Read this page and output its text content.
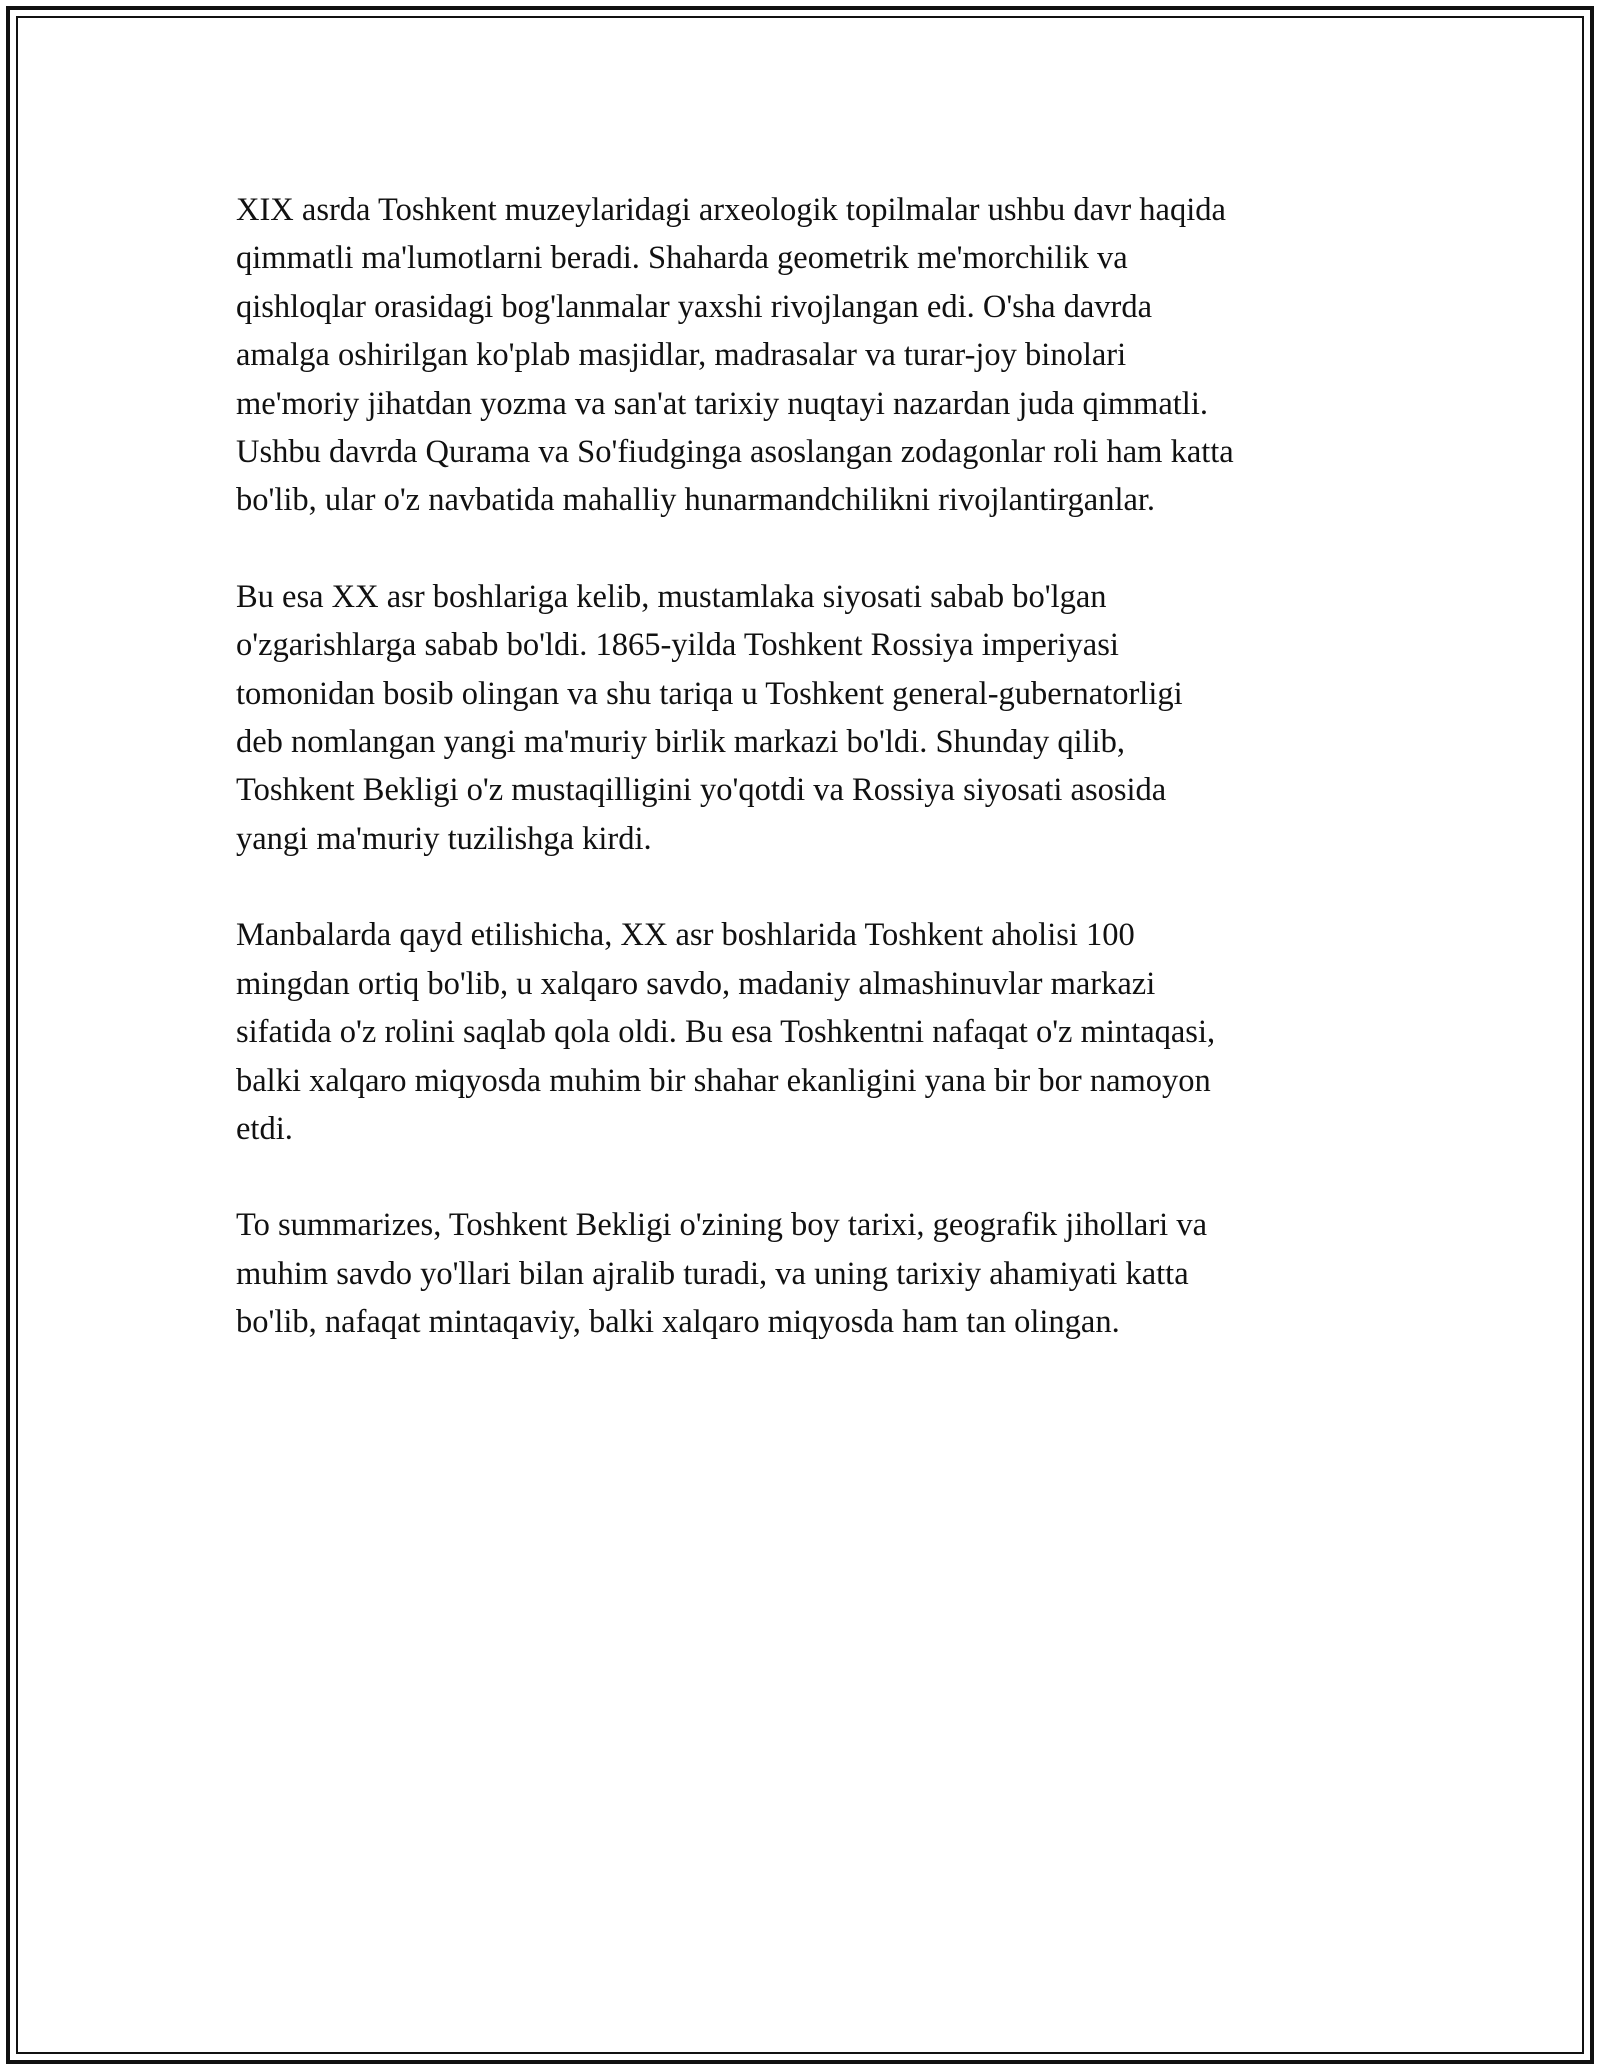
XIX asrda Toshkent muzeylaridagi arxeologik topilmalar ushbu davr haqida
qimmatli ma'lumotlarni beradi. Shaharda geometrik me'morchilik va
qishloqlar orasidagi bog'lanmalar yaxshi rivojlangan edi. O'sha davrda
amalga oshirilgan ko'plab masjidlar, madrasalar va turar-joy binolari
me'moriy jihatdan yozma va san'at tarixiy nuqtayi nazardan juda qimmatli.
Ushbu davrda Qurama va So'fiudginga asoslangan zodagonlar roli ham katta
bo'lib, ular o'z navbatida mahalliy hunarmandchilikni rivojlantirganlar.

Bu esa XX asr boshlariga kelib, mustamlaka siyosati sabab bo'lgan
o'zgarishlarga sabab bo'ldi. 1865-yilda Toshkent Rossiya imperiyasi
tomonidan bosib olingan va shu tariqa u Toshkent general-gubernatorligi
deb nomlangan yangi ma'muriy birlik markazi bo'ldi. Shunday qilib,
Toshkent Bekligi o'z mustaqilligini yo'qotdi va Rossiya siyosati asosida
yangi ma'muriy tuzilishga kirdi.

Manbalarda qayd etilishicha, XX asr boshlarida Toshkent aholisi 100
mingdan ortiq bo'lib, u xalqaro savdo, madaniy almashinuvlar markazi
sifatida o'z rolini saqlab qola oldi. Bu esa Toshkentni nafaqat o'z mintaqasi,
balki xalqaro miqyosda muhim bir shahar ekanligini yana bir bor namoyon
etdi.

To summarizes, Toshkent Bekligi o'zining boy tarixi, geografik jihollari va
muhim savdo yo'llari bilan ajralib turadi, va uning tarixiy ahamiyati katta
bo'lib, nafaqat mintaqaviy, balki xalqaro miqyosda ham tan olingan.
